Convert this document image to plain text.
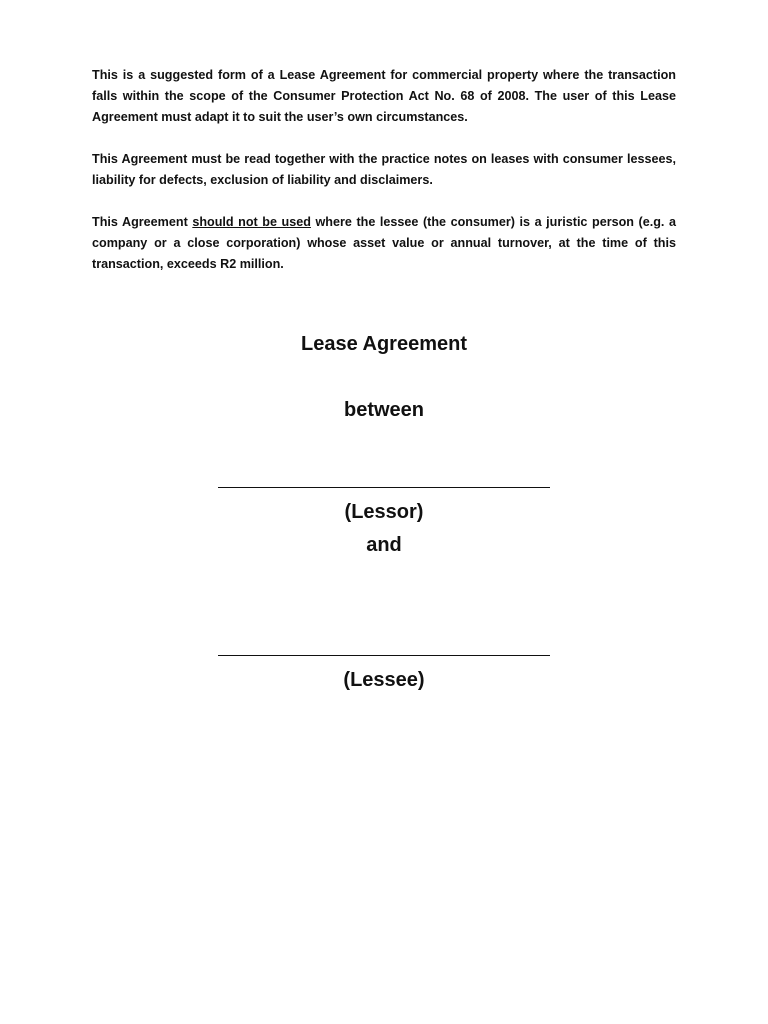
This is a suggested form of a Lease Agreement for commercial property where the transaction falls within the scope of the Consumer Protection Act No. 68 of 2008. The user of this Lease Agreement must adapt it to suit the user’s own circumstances.

This Agreement must be read together with the practice notes on leases with consumer lessees, liability for defects, exclusion of liability and disclaimers.

This Agreement should not be used where the lessee (the consumer) is a juristic person (e.g. a company or a close corporation) whose asset value or annual turnover, at the time of this transaction, exceeds R2 million.

Lease Agreement
between
(Lessor)
and
(Lessee)
